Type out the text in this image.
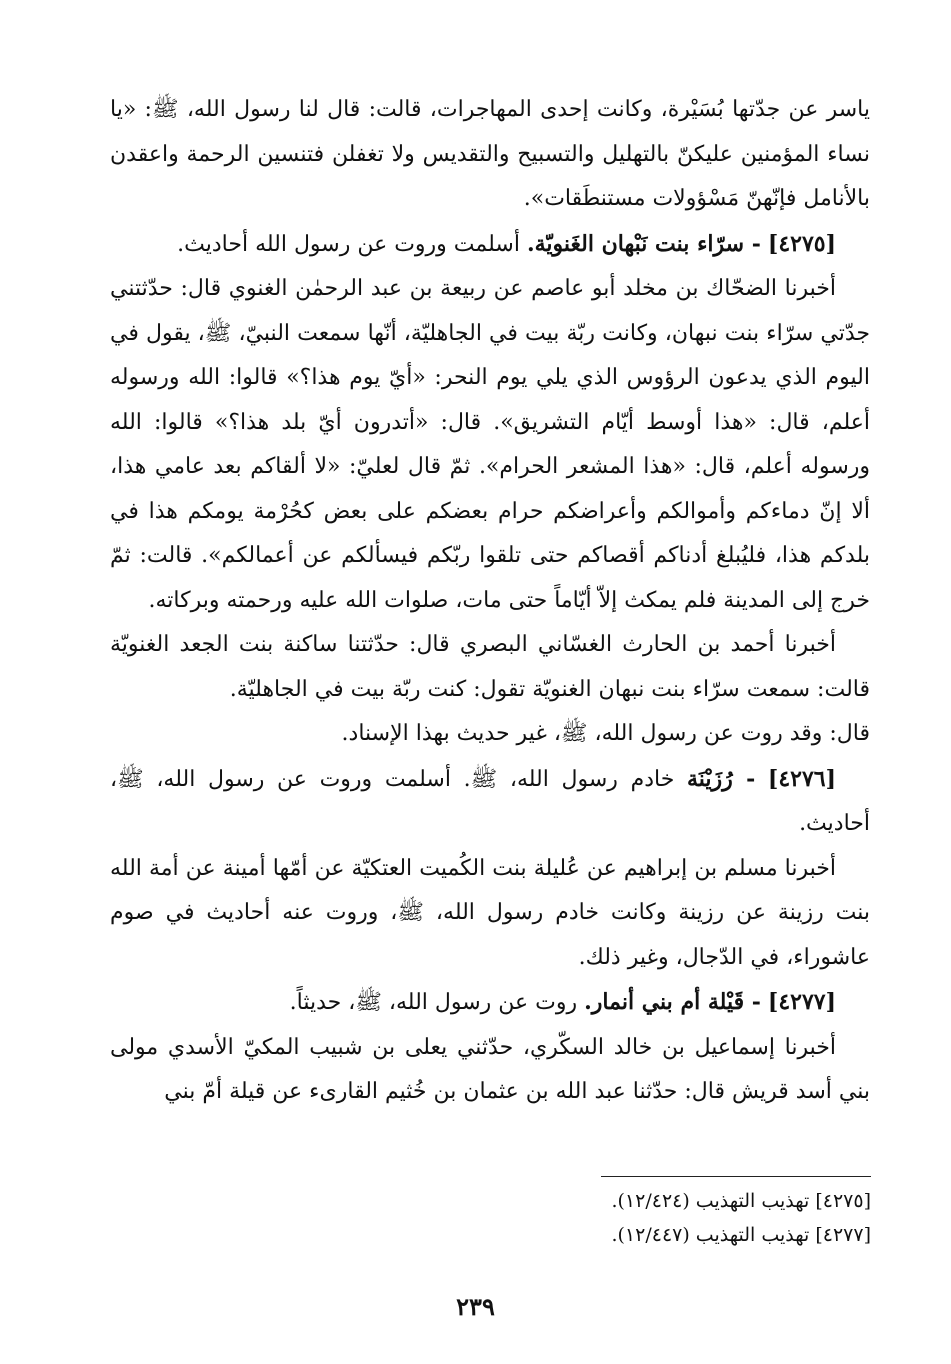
ياسر عن جدّتها بُسَيْرة، وكانت إحدى المهاجرات، قالت: قال لنا رسول الله، ﷺ: «يا نساء المؤمنين عليكنّ بالتهليل والتسبيح والتقديس ولا تغفلن فتنسين الرحمة واعقدن بالأنامل فإنّهنّ مَسْؤولات مستنطَقات».

[٤٢٧٥] - سرّاء بنت نَبْهان الغَنويّة. أسلمت وروت عن رسول الله أحاديث.

أخبرنا الضحّاك بن مخلد أبو عاصم عن ربيعة بن عبد الرحمٰن الغنوي قال: حدّثتني جدّتي سرّاء بنت نبهان، وكانت ربّة بيت في الجاهليّة، أنّها سمعت النبيّ، ﷺ، يقول في اليوم الذي يدعون الرؤوس الذي يلي يوم النحر: «أيّ يوم هذا؟» قالوا: الله ورسوله أعلم، قال: «هذا أوسط أيّام التشريق». قال: «أتدرون أيّ بلد هذا؟» قالوا: الله ورسوله أعلم، قال: «هذا المشعر الحرام». ثمّ قال لعليّ: «لا ألقاكم بعد عامي هذا، ألا إنّ دماءكم وأموالكم وأعراضكم حرام بعضكم على بعض كحُرْمة يومكم هذا في بلدكم هذا، فليُبلغ أدناكم أقصاكم حتى تلقوا ربّكم فيسألكم عن أعمالكم». قالت: ثمّ خرج إلى المدينة فلم يمكث إلاّ أيّاماً حتى مات، صلوات الله عليه ورحمته وبركاته.

أخبرنا أحمد بن الحارث الغسّاني البصري قال: حدّثتنا ساكنة بنت الجعد الغنويّة قالت: سمعت سرّاء بنت نبهان الغنويّة تقول: كنت ربّة بيت في الجاهليّة.

قال: وقد روت عن رسول الله، ﷺ، غير حديث بهذا الإسناد.

[٤٢٧٦] - رُزَيْنَة خادم رسول الله، ﷺ. أسلمت وروت عن رسول الله، ﷺ، أحاديث.

أخبرنا مسلم بن إبراهيم عن عُليلة بنت الكُميت العتكيّة عن أمّها أمينة عن أمة الله بنت رزينة عن رزينة وكانت خادم رسول الله، ﷺ، وروت عنه أحاديث في صوم عاشوراء، في الدّجال، وغير ذلك.

[٤٢٧٧] - قَيْلة أم بني أنمار. روت عن رسول الله، ﷺ، حديثاً.

أخبرنا إسماعيل بن خالد السكّري، حدّثني يعلى بن شبيب المكيّ الأسدي مولى بني أسد قريش قال: حدّثنا عبد الله بن عثمان بن خُثيم القارىء عن قيلة أمّ بني

[٤٢٧٥] تهذيب التهذيب (١٢/٤٢٤).

[٤٢٧٧] تهذيب التهذيب (١٢/٤٤٧).

٢٣٩
